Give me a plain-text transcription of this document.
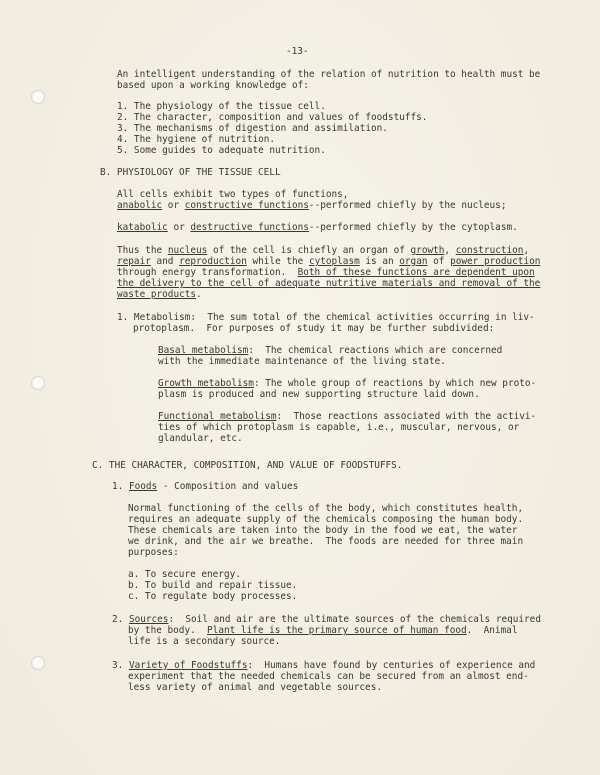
-13-
An intelligent understanding of the relation of nutrition to health must be
based upon a working knowledge of:
1. The physiology of the tissue cell.
2. The character, composition and values of foodstuffs.
3. The mechanisms of digestion and assimilation.
4. The hygiene of nutrition.
5. Some guides to adequate nutrition.
B. PHYSIOLOGY OF THE TISSUE CELL
All cells exhibit two types of functions,
anabolic or constructive functions--performed chiefly by the nucleus;
katabolic or destructive functions--performed chiefly by the cytoplasm.
Thus the nucleus of the cell is chiefly an organ of growth, construction,
repair and reproduction while the cytoplasm is an organ of power production
through energy transformation.  Both of these functions are dependent upon
the delivery to the cell of adequate nutritive materials and removal of the
waste products.
1. Metabolism:  The sum total of the chemical activities occurring in liv-
protoplasm.  For purposes of study it may be further subdivided:
Basal metabolism:  The chemical reactions which are concerned
with the immediate maintenance of the living state.
Growth metabolism: The whole group of reactions by which new proto-
plasm is produced and new supporting structure laid down.
Functional metabolism:  Those reactions associated with the activi-
ties of which protoplasm is capable, i.e., muscular, nervous, or
glandular, etc.
C. THE CHARACTER, COMPOSITION, AND VALUE OF FOODSTUFFS.
1. Foods - Composition and values
Normal functioning of the cells of the body, which constitutes health,
requires an adequate supply of the chemicals composing the human body.
These chemicals are taken into the body in the food we eat, the water
we drink, and the air we breathe.  The foods are needed for three main
purposes:
a. To secure energy.
b. To build and repair tissue.
c. To regulate body processes.
2. Sources:  Soil and air are the ultimate sources of the chemicals required
by the body.  Plant life is the primary source of human food.  Animal
life is a secondary source.
3. Variety of Foodstuffs:  Humans have found by centuries of experience and
experiment that the needed chemicals can be secured from an almost end-
less variety of animal and vegetable sources.
